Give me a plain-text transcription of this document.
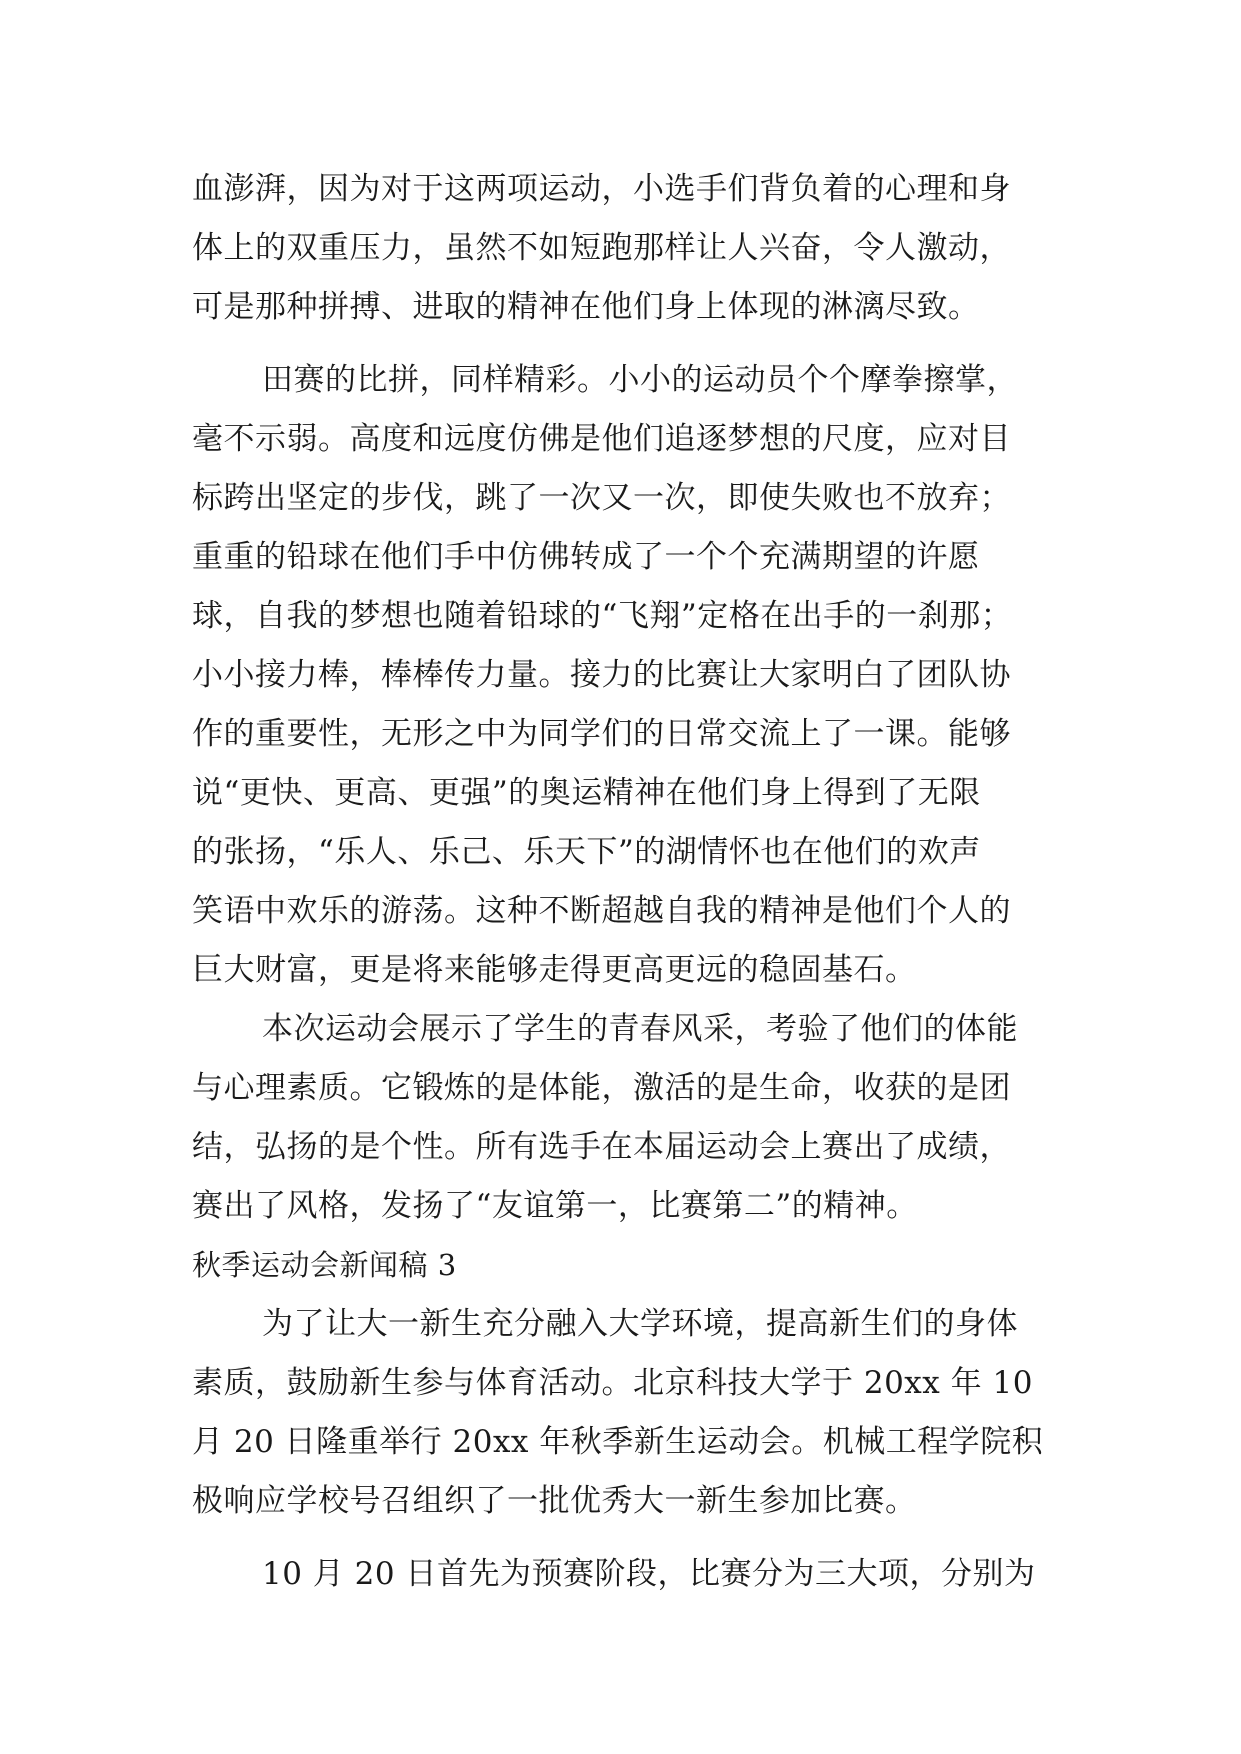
血澎湃，因为对于这两项运动，小选手们背负着的心理和身
体上的双重压力，虽然不如短跑那样让人兴奋，令人激动，
可是那种拼搏、进取的精神在他们身上体现的淋漓尽致。
田赛的比拼，同样精彩。小小的运动员个个摩拳擦掌，
毫不示弱。高度和远度仿佛是他们追逐梦想的尺度，应对目
标跨出坚定的步伐，跳了一次又一次，即使失败也不放弃；
重重的铅球在他们手中仿佛转成了一个个充满期望的许愿
球，自我的梦想也随着铅球的“飞翔”定格在出手的一刹那；
小小接力棒，棒棒传力量。接力的比赛让大家明白了团队协
作的重要性，无形之中为同学们的日常交流上了一课。能够
说“更快、更高、更强”的奥运精神在他们身上得到了无限
的张扬，“乐人、乐己、乐天下”的湖情怀也在他们的欢声
笑语中欢乐的游荡。这种不断超越自我的精神是他们个人的
巨大财富，更是将来能够走得更高更远的稳固基石。
本次运动会展示了学生的青春风采，考验了他们的体能
与心理素质。它锻炼的是体能，激活的是生命，收获的是团
结，弘扬的是个性。所有选手在本届运动会上赛出了成绩，
赛出了风格，发扬了“友谊第一，比赛第二”的精神。
秋季运动会新闻稿 3
为了让大一新生充分融入大学环境，提高新生们的身体
素质，鼓励新生参与体育活动。北京科技大学于 20xx 年 10
月 20 日隆重举行 20xx 年秋季新生运动会。机械工程学院积
极响应学校号召组织了一批优秀大一新生参加比赛。
10 月 20 日首先为预赛阶段，比赛分为三大项，分别为
